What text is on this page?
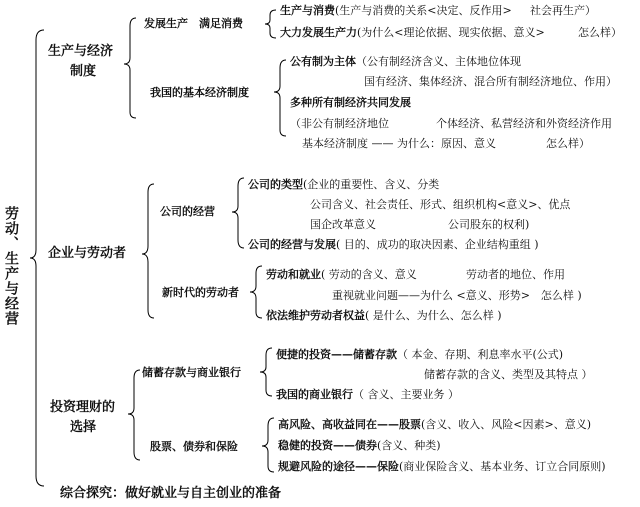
劳动、生产与经营
生产与经济
制度
发展生产　满足消费
生产与消费(生产与消费的关系<决定、反作用> 社会再生产）
大力发展生产力(为什么<理论依据、现实依据、意义>	怎么样）
我国的基本经济制度
公有制为主体（公有制经济含义、主体地位体现
国有经济、集体经济、混合所有制经济地位、作用）
多种所有制经济共同发展
（非公有制经济地位	个体经济、私营经济和外资经济作用
基本经济制度 —— 为什么：原因、意义	怎么样）
企业与劳动者
公司的经营
公司的类型(企业的重要性、含义、分类
公司含义、社会责任、形式、组织机构<意义>、优点
国企改革意义	公司股东的权利)
公司的经营与发展( 目的、成功的取决因素、企业结构重组 )
新时代的劳动者
劳动和就业( 劳动的含义、意义	劳动者的地位、作用
重视就业问题——为什么 <意义、形势>　怎么样 )
依法维护劳动者权益( 是什么、为什么、怎么样 )
投资理财的
选择
储蓄存款与商业银行
便捷的投资——储蓄存款（ 本金、存期、利息率水平(公式)
储蓄存款的含义、类型及其特点 ）
我国的商业银行（ 含义、主要业务 ）
股票、债券和保险
高风险、高收益同在——股票(含义、收入、风险<因素>、意义)
稳健的投资——债券(含义、种类)
规避风险的途径——保险(商业保险含义、基本业务、订立合同原则)
综合探究：做好就业与自主创业的准备
